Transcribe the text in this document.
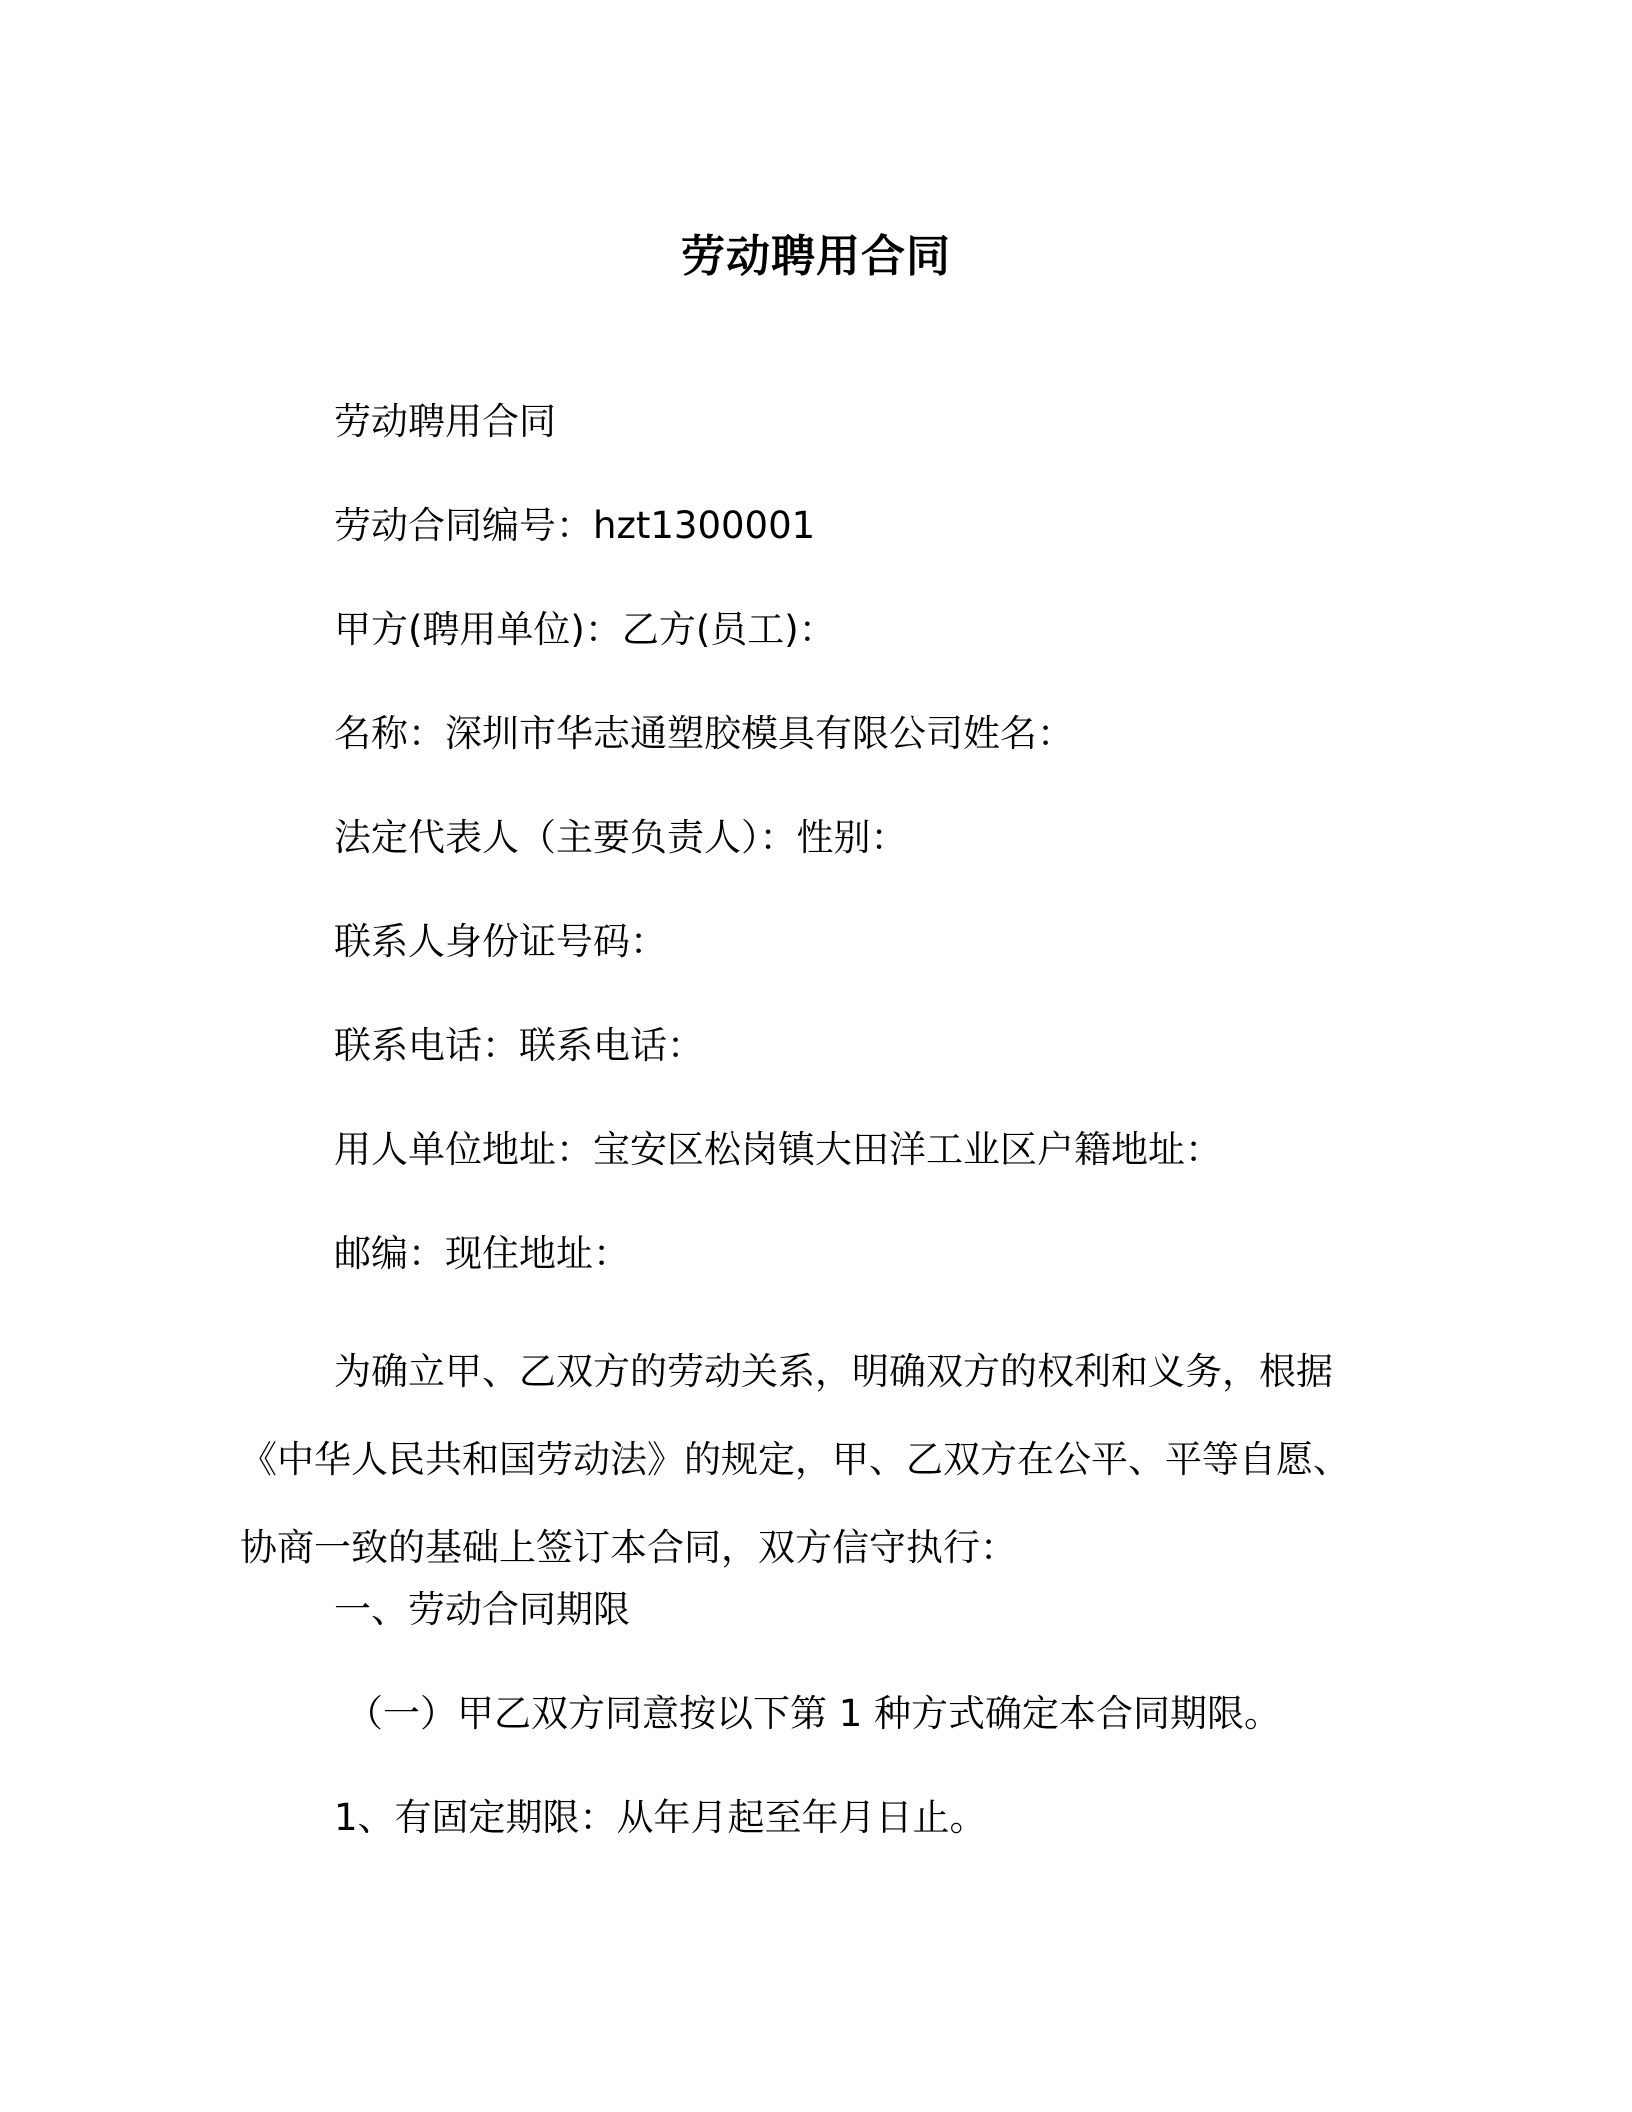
劳动聘用合同
劳动聘用合同
劳动合同编号：hzt1300001
甲方(聘用单位)：乙方(员工)：
名称：深圳市华志通塑胶模具有限公司姓名：
法定代表人（主要负责人）：性别：
联系人身份证号码：
联系电话：联系电话：
用人单位地址：宝安区松岗镇大田洋工业区户籍地址：
邮编：现住地址：
为确立甲、乙双方的劳动关系，明确双方的权利和义务，根据
《中华人民共和国劳动法》的规定，甲、乙双方在公平、平等自愿、
协商一致的基础上签订本合同，双方信守执行：
一、劳动合同期限
（一）甲乙双方同意按以下第 1 种方式确定本合同期限。
1、有固定期限：从年月起至年月日止。
